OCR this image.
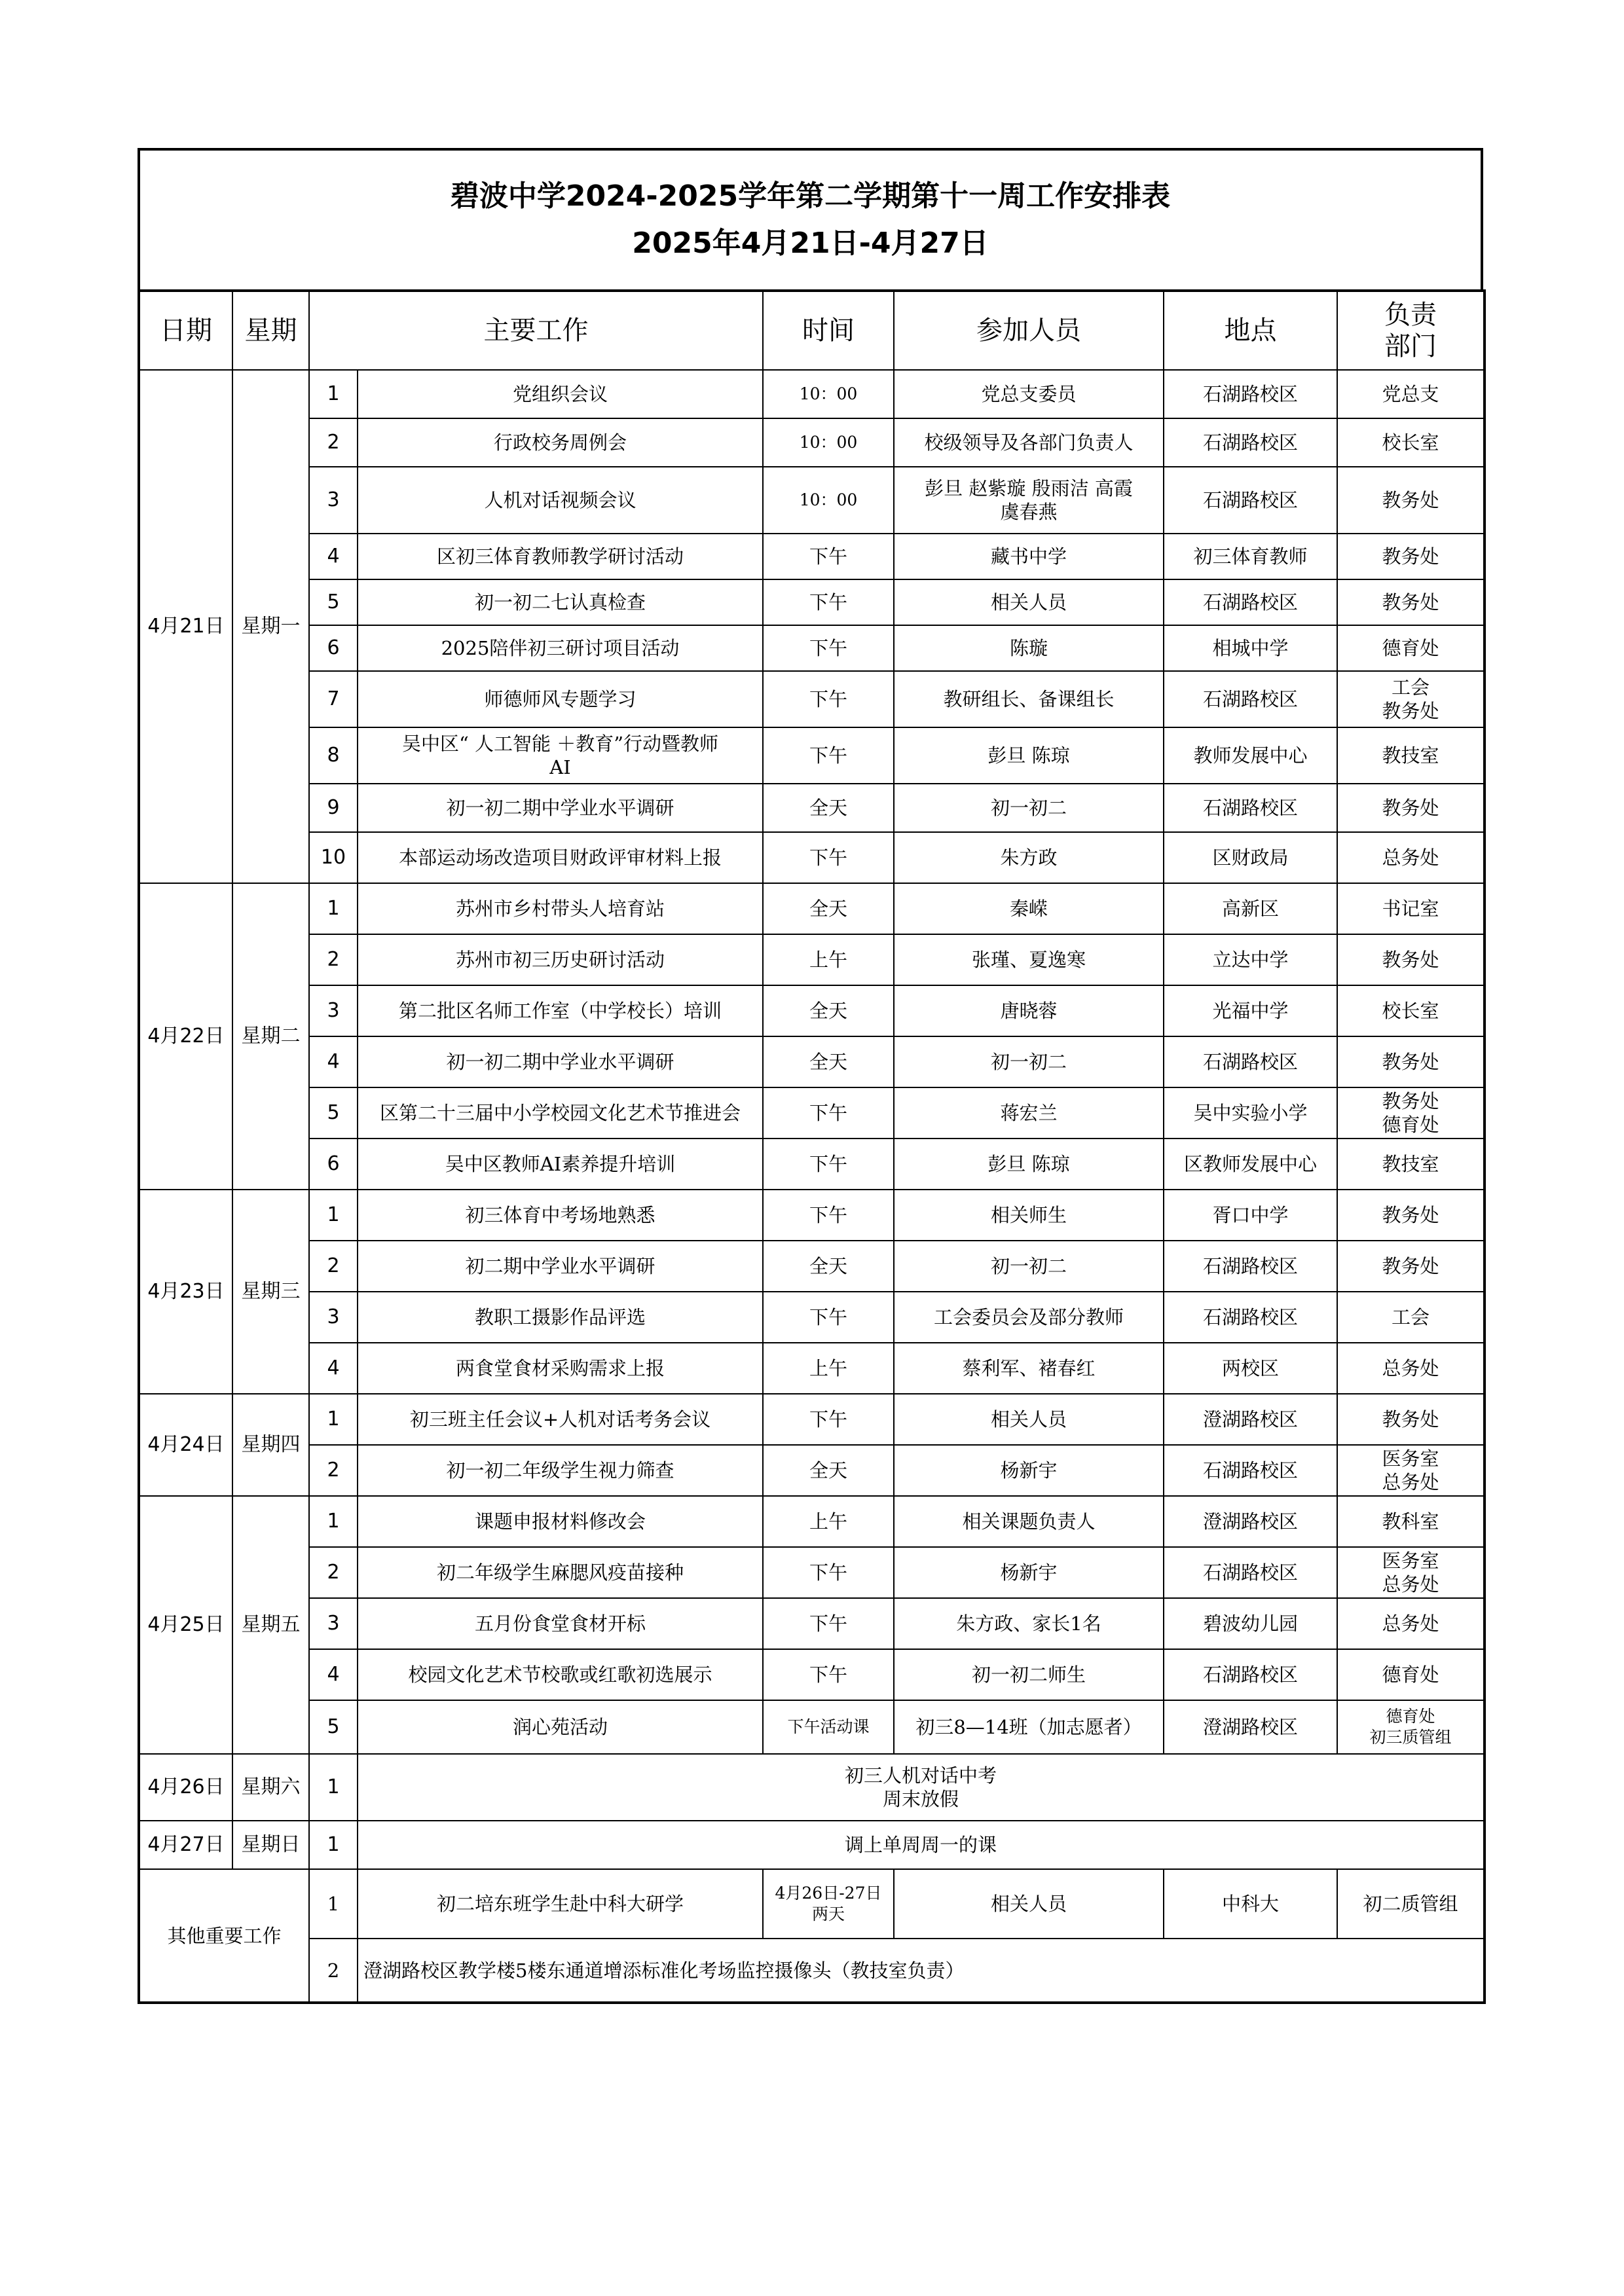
碧波中学2024-2025学年第二学期第十一周工作安排表
2025年4月21日-4月27日
日期	星期	主要工作		时间	参加人员	地点	负责
部门
4月21日	星期一	1	党组织会议	10：00	党总支委员	石湖路校区	党总支
		2	行政校务周例会	10：00	校级领导及各部门负责人	石湖路校区	校长室
		3	人机对话视频会议	10：00	彭旦 赵紫璇 殷雨洁 高霞
虞春燕	石湖路校区	教务处
		4	区初三体育教师教学研讨活动	下午	藏书中学	初三体育教师	教务处
		5	初一初二七认真检查	下午	相关人员	石湖路校区	教务处
		6	2025陪伴初三研讨项目活动	下午	陈璇	相城中学	德育处
		7	师德师风专题学习	下午	教研组长、备课组长	石湖路校区	工会
教务处
		8	吴中区“ 人工智能 ＋教育”行动暨教师
AI	下午	彭旦 陈琼	教师发展中心	教技室
		9	初一初二期中学业水平调研	全天	初一初二	石湖路校区	教务处
		10	本部运动场改造项目财政评审材料上报	下午	朱方政	区财政局	总务处
4月22日	星期二	1	苏州市乡村带头人培育站	全天	秦嵘	高新区	书记室
		2	苏州市初三历史研讨活动	上午	张瑾、夏逸寒	立达中学	教务处
		3	第二批区名师工作室（中学校长）培训	全天	唐晓蓉	光福中学	校长室
		4	初一初二期中学业水平调研	全天	初一初二	石湖路校区	教务处
		5	区第二十三届中小学校园文化艺术节推进会	下午	蒋宏兰	吴中实验小学	教务处
德育处
		6	吴中区教师AI素养提升培训	下午	彭旦 陈琼	区教师发展中心	教技室
4月23日	星期三	1	初三体育中考场地熟悉	下午	相关师生	胥口中学	教务处
		2	初二期中学业水平调研	全天	初一初二	石湖路校区	教务处
		3	教职工摄影作品评选	下午	工会委员会及部分教师	石湖路校区	工会
		4	两食堂食材采购需求上报	上午	蔡利军、褚春红	两校区	总务处
4月24日	星期四	1	初三班主任会议+人机对话考务会议	下午	相关人员	澄湖路校区	教务处
		2	初一初二年级学生视力筛查	全天	杨新宇	石湖路校区	医务室
总务处
4月25日	星期五	1	课题申报材料修改会	上午	相关课题负责人	澄湖路校区	教科室
		2	初二年级学生麻腮风疫苗接种	下午	杨新宇	石湖路校区	医务室
总务处
		3	五月份食堂食材开标	下午	朱方政、家长1名	碧波幼儿园	总务处
		4	校园文化艺术节校歌或红歌初选展示	下午	初一初二师生	石湖路校区	德育处
		5	润心苑活动	下午活动课	初三8—14班（加志愿者）	澄湖路校区	德育处
初三质管组
4月26日	星期六	1	初三人机对话中考
周末放假				
4月27日	星期日	1	调上单周周一的课				
其他重要工作		1	初二培东班学生赴中科大研学	4月26日-27日
两天	相关人员	中科大	初二质管组
		2	澄湖路校区教学楼5楼东通道增添标准化考场监控摄像头（教技室负责）				
